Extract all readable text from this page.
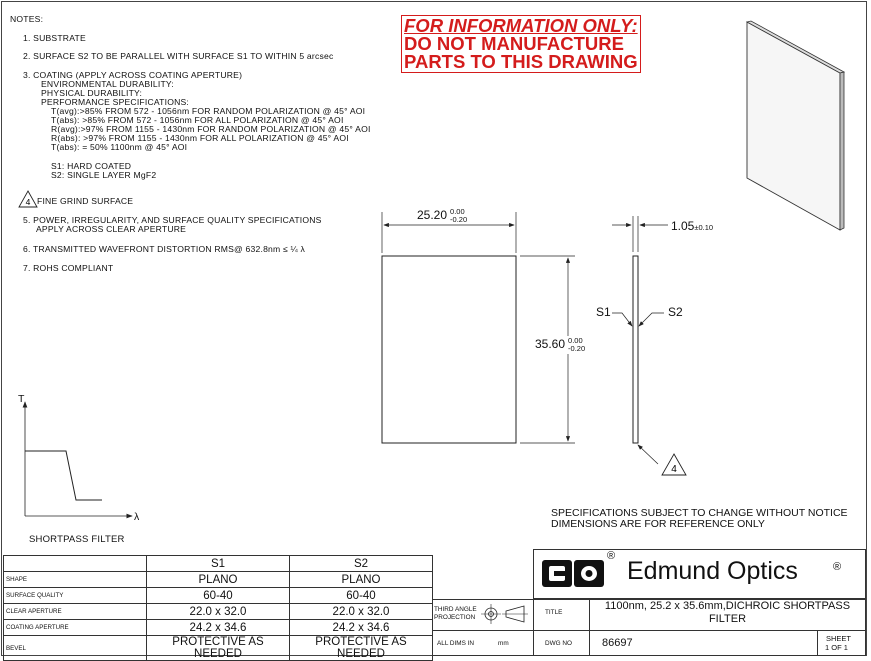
NOTES:
1. SUBSTRATE
2. SURFACE S2 TO BE PARALLEL WITH SURFACE S1 TO WITHIN 5 arcsec
3. COATING (APPLY ACROSS COATING APERTURE)
ENVIRONMENTAL DURABILITY:
PHYSICAL DURABILITY:
PERFORMANCE SPECIFICATIONS:
T(avg):>85% FROM 572 - 1056nm FOR RANDOM POLARIZATION @ 45° AOI
T(abs): >85% FROM 572 - 1056nm FOR ALL POLARIZATION @ 45° AOI
R(avg):>97% FROM 1155 - 1430nm FOR RANDOM POLARIZATION @ 45° AOI
R(abs): >97% FROM 1155 - 1430nm FOR ALL POLARIZATION @ 45° AOI
T(abs): = 50% 1100nm @ 45° AOI
S1: HARD COATED
S2: SINGLE LAYER MgF2
4 FINE GRIND SURFACE
5. POWER, IRREGULARITY, AND SURFACE QUALITY SPECIFICATIONS
APPLY ACROSS CLEAR APERTURE
6. TRANSMITTED WAVEFRONT DISTORTION RMS@ 632.8nm ≤ ¼ λ
7. ROHS COMPLIANT
FOR INFORMATION ONLY:
DO NOT MANUFACTURE
PARTS TO THIS DRAWING
25.20 0.00
-0.20
35.60 0.00
-0.20
4
1.05±0.10
S1	S2
T
λ
SHORTPASS FILTER
SPECIFICATIONS SUBJECT TO CHANGE WITHOUT NOTICE
DIMENSIONS ARE FOR REFERENCE ONLY
	S1	S2
SHAPE	PLANO	PLANO
SURFACE QUALITY	60-40	60-40
CLEAR APERTURE	22.0 x 32.0	22.0 x 32.0
COATING APERTURE	24.2 x 34.6	24.2 x 34.6
BEVEL	PROTECTIVE AS NEEDED	PROTECTIVE AS NEEDED
EO	®
Edmund Optics	®
THIRD ANGLE
PROJECTION
TITLE
1100nm, 25.2 x 35.6mm,DICHROIC SHORTPASS
FILTER
ALL DIMS IN	mm	DWG NO	86697	SHEET
1 OF 1
